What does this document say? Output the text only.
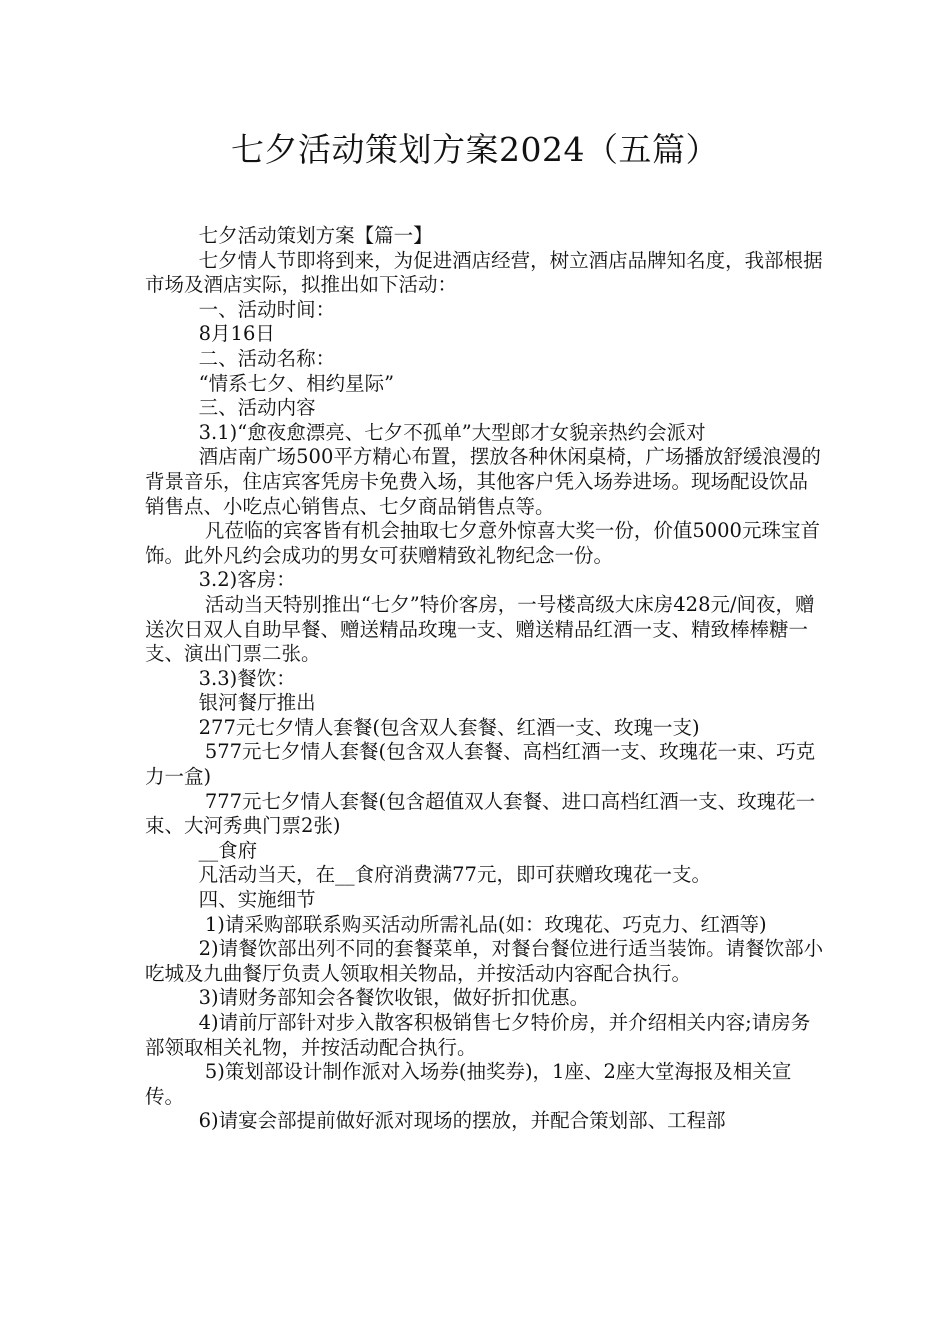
七夕活动策划方案2024（五篇）

七夕活动策划方案【篇一】

七夕情人节即将到来，为促进酒店经营，树立酒店品牌知名度，我部根据市场及酒店实际，拟推出如下活动：

一、活动时间：

8月16日

二、活动名称：

“情系七夕、相约星际”

三、活动内容

3.1)“愈夜愈漂亮、七夕不孤单”大型郎才女貌亲热约会派对

酒店南广场500平方精心布置，摆放各种休闲桌椅，广场播放舒缓浪漫的背景音乐，住店宾客凭房卡免费入场，其他客户凭入场券进场。现场配设饮品销售点、小吃点心销售点、七夕商品销售点等。

凡莅临的宾客皆有机会抽取七夕意外惊喜大奖一份，价值5000元珠宝首饰。此外凡约会成功的男女可获赠精致礼物纪念一份。

3.2)客房：

活动当天特别推出“七夕”特价客房，一号楼高级大床房428元/间夜，赠送次日双人自助早餐、赠送精品玫瑰一支、赠送精品红酒一支、精致棒棒糖一支、演出门票二张。

3.3)餐饮：

银河餐厅推出

277元七夕情人套餐(包含双人套餐、红酒一支、玫瑰一支)

577元七夕情人套餐(包含双人套餐、高档红酒一支、玫瑰花一束、巧克力一盒)

777元七夕情人套餐(包含超值双人套餐、进口高档红酒一支、玫瑰花一束、大河秀典门票2张)

__食府

凡活动当天，在__食府消费满77元，即可获赠玫瑰花一支。

四、实施细节

1)请采购部联系购买活动所需礼品(如：玫瑰花、巧克力、红酒等)

2)请餐饮部出列不同的套餐菜单，对餐台餐位进行适当装饰。请餐饮部小吃城及九曲餐厅负责人领取相关物品，并按活动内容配合执行。

3)请财务部知会各餐饮收银，做好折扣优惠。

4)请前厅部针对步入散客积极销售七夕特价房，并介绍相关内容;请房务部领取相关礼物，并按活动配合执行。

5)策划部设计制作派对入场券(抽奖券)，1座、2座大堂海报及相关宣传。

6)请宴会部提前做好派对现场的摆放，并配合策划部、工程部
